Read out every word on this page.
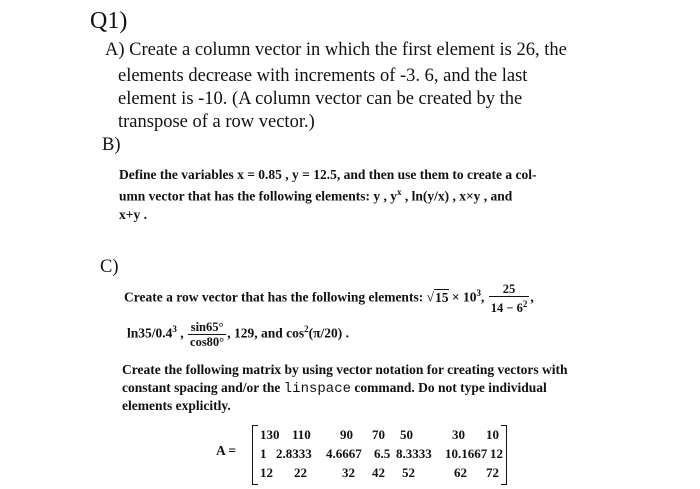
Q1)
A) Create a column vector in which the first element is 26, the
elements decrease with increments of -3. 6, and the last
element is -10. (A column vector can be created by the
transpose of a row vector.)
B)
Define the variables x = 0.85 , y = 12.5, and then use them to create a col-
umn vector that has the following elements: y , $y^x$ , ln(y/x) , x×y , and
x+y .
C)
Create a row vector that has the following elements: $√15 \times 10^3$, $\frac{25}{14 - 6^2}$ ,
$\ln 35/0.4^3$ , $\frac{\sin 65^\circ}{\cos 80^\circ}$ , 129, and $\cos^2(\pi/20)$ .
Create the following matrix by using vector notation for creating vectors with
constant spacing and/or the linspace command. Do not type individual
elements explicitly.
A =
130 110 90 70 50	30 10
1 2.8333 4.6667 6.5 8.3333 10.1667 12
12 22	32 42 52	62 72
